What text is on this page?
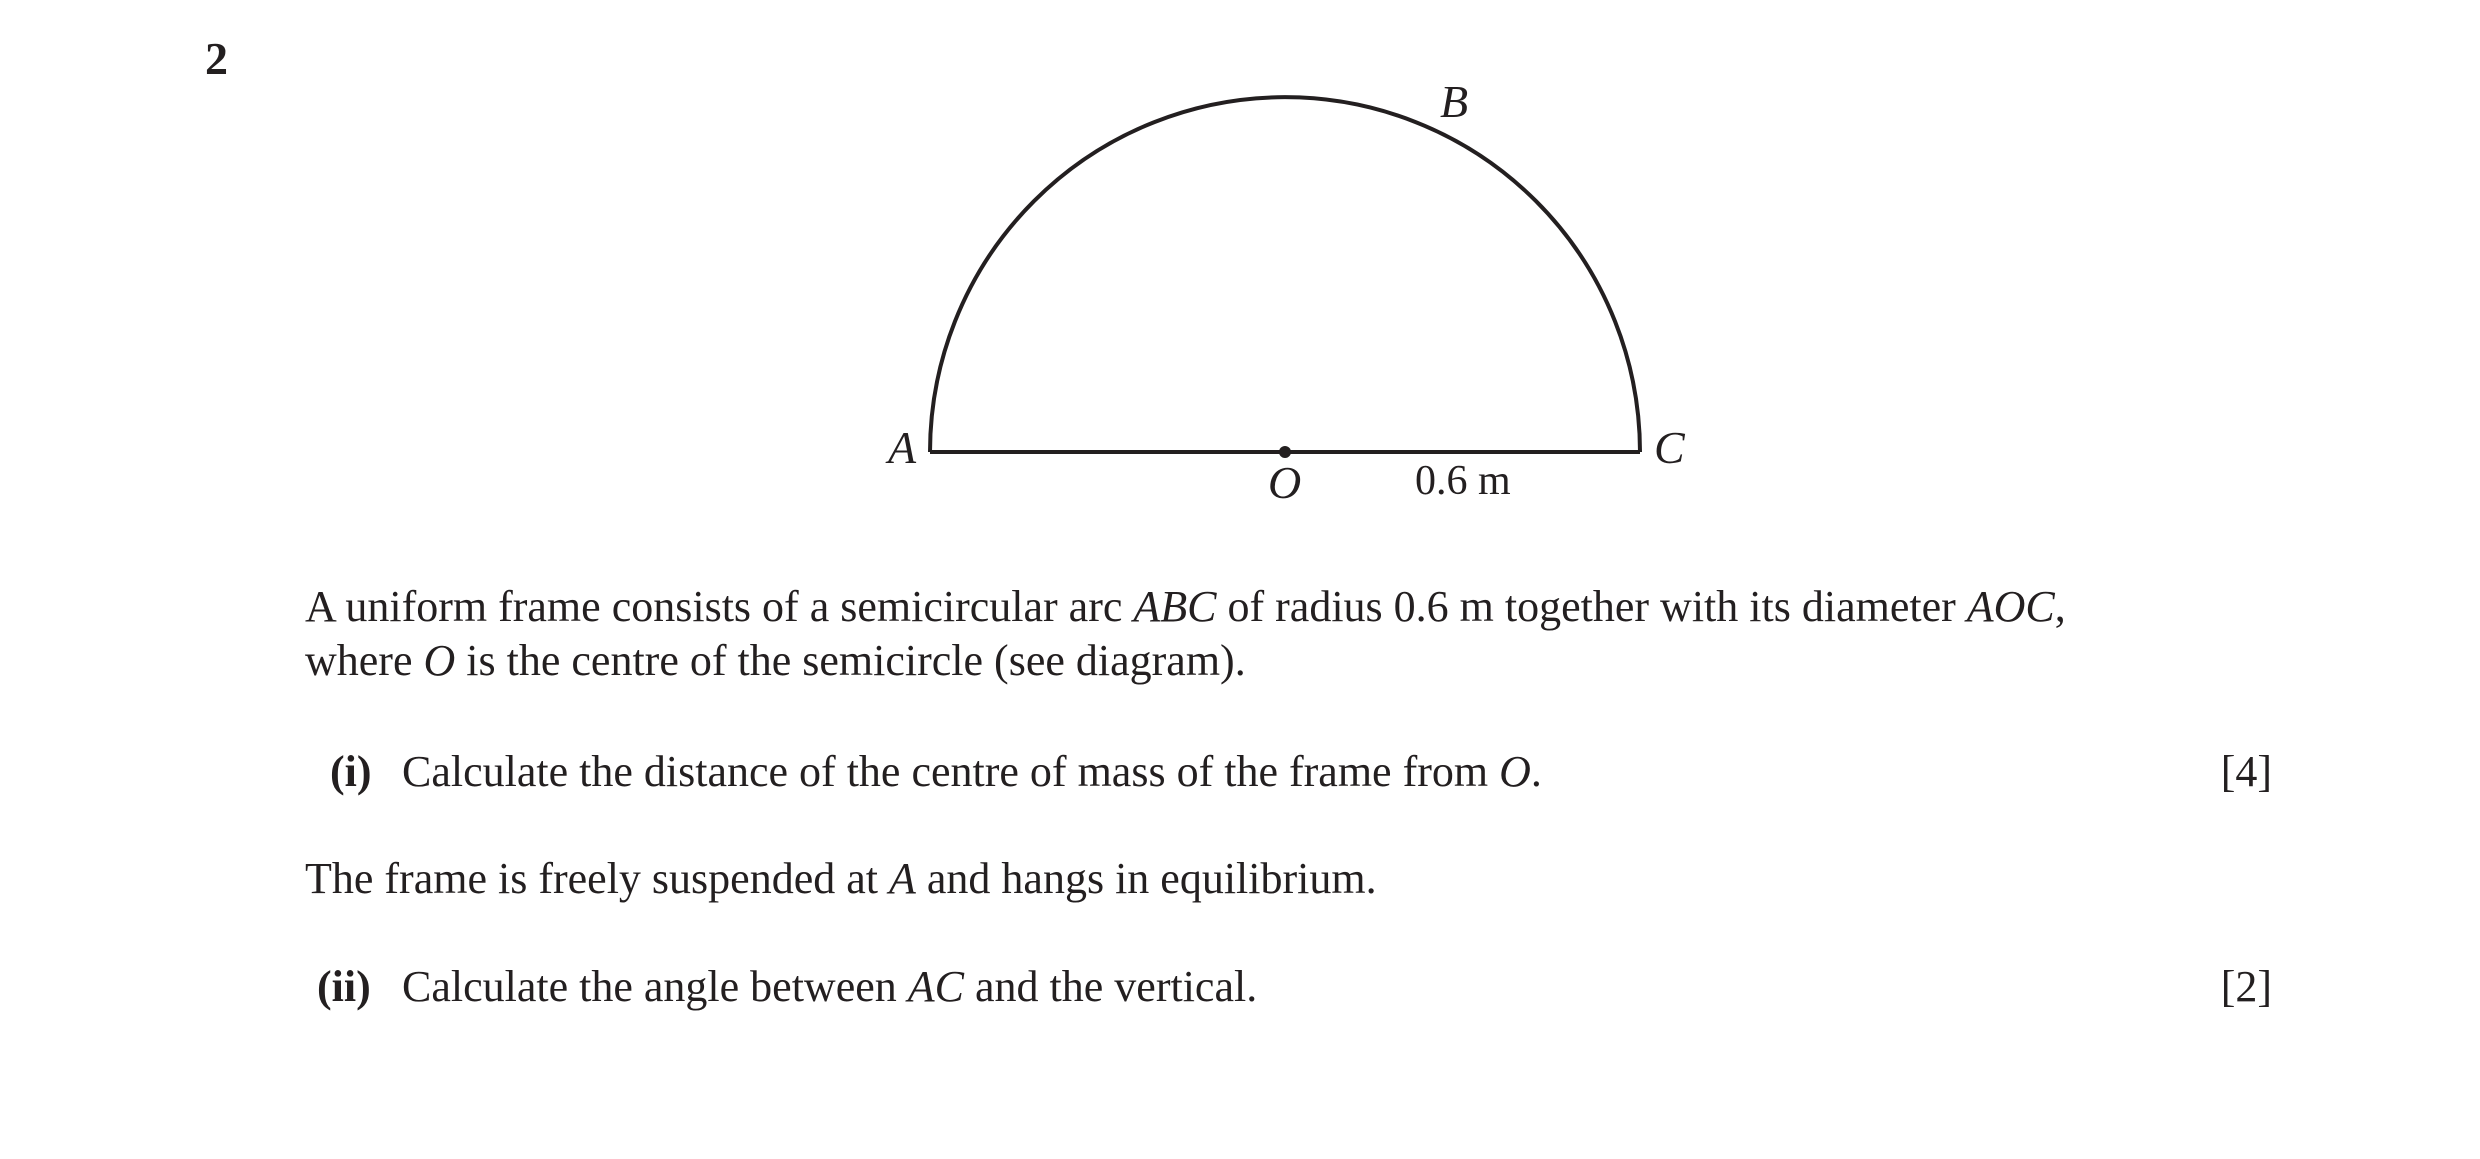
2
A
B
C
O	0.6 m

A uniform frame consists of a semicircular arc ABC of radius 0.6 m together with its diameter AOC,
where O is the centre of the semicircle (see diagram).

(i) Calculate the distance of the centre of mass of the frame from O.	[4]

The frame is freely suspended at A and hangs in equilibrium.

(ii) Calculate the angle between AC and the vertical.	[2]
